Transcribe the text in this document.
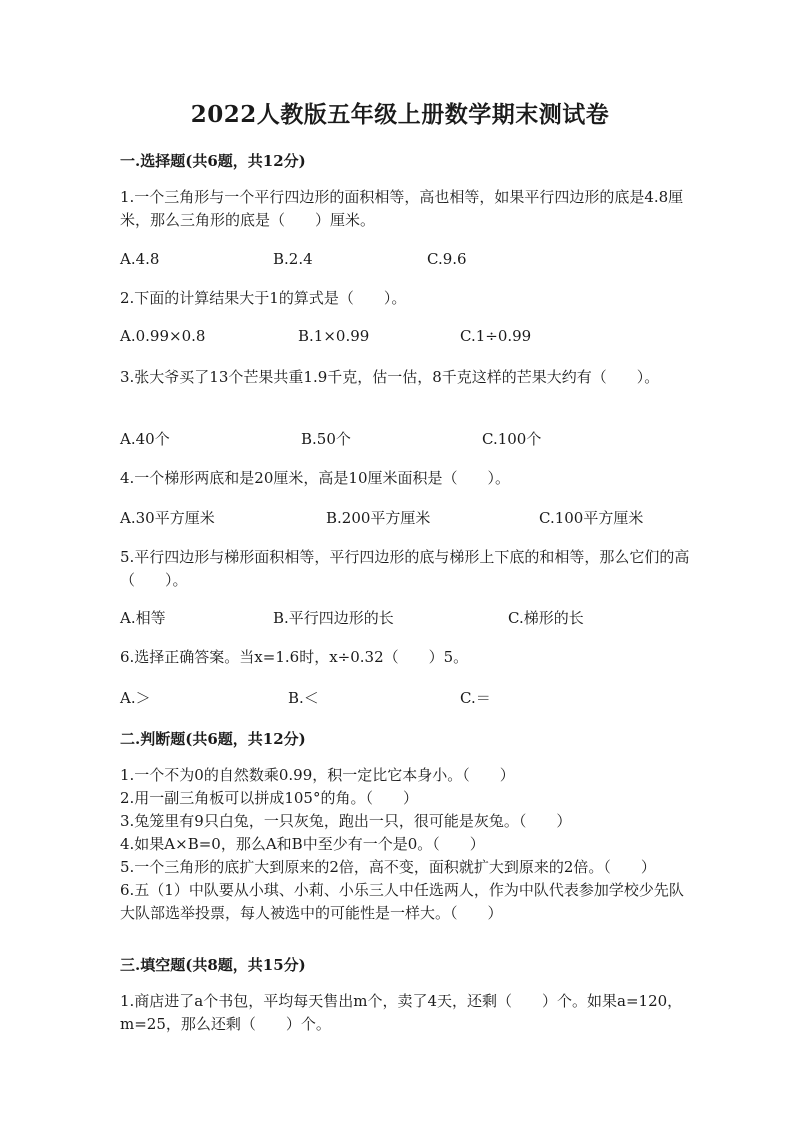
2022人教版五年级上册数学期末测试卷
一.选择题(共6题，共12分)
1.一个三角形与一个平行四边形的面积相等，高也相等，如果平行四边形的底是4.8厘米，那么三角形的底是（　　）厘米。
A.4.8	B.2.4	C.9.6
2.下面的计算结果大于1的算式是（　　）。
A.0.99×0.8	B.1×0.99	C.1÷0.99
3.张大爷买了13个芒果共重1.9千克，估一估，8千克这样的芒果大约有（　　）。
A.40个	B.50个	C.100个
4.一个梯形两底和是20厘米，高是10厘米面积是（　　）。
A.30平方厘米	B.200平方厘米	C.100平方厘米
5.平行四边形与梯形面积相等，平行四边形的底与梯形上下底的和相等，那么它们的高（　　）。
A.相等	B.平行四边形的长	C.梯形的长
6.选择正确答案。当x=1.6时，x÷0.32（　　）5。
A.＞	B.＜	C.＝
二.判断题(共6题，共12分)
1.一个不为0的自然数乘0.99，积一定比它本身小。（　　）
2.用一副三角板可以拼成105°的角。（　　）
3.兔笼里有9只白兔，一只灰兔，跑出一只，很可能是灰兔。（　　）
4.如果A×B=0，那么A和B中至少有一个是0。（　　）
5.一个三角形的底扩大到原来的2倍，高不变，面积就扩大到原来的2倍。（　　）
6.五（1）中队要从小琪、小莉、小乐三人中任选两人，作为中队代表参加学校少先队大队部选举投票，每人被选中的可能性是一样大。（　　）
三.填空题(共8题，共15分)
1.商店进了a个书包，平均每天售出m个，卖了4天，还剩（　　）个。如果a=120，m=25，那么还剩（　　）个。
